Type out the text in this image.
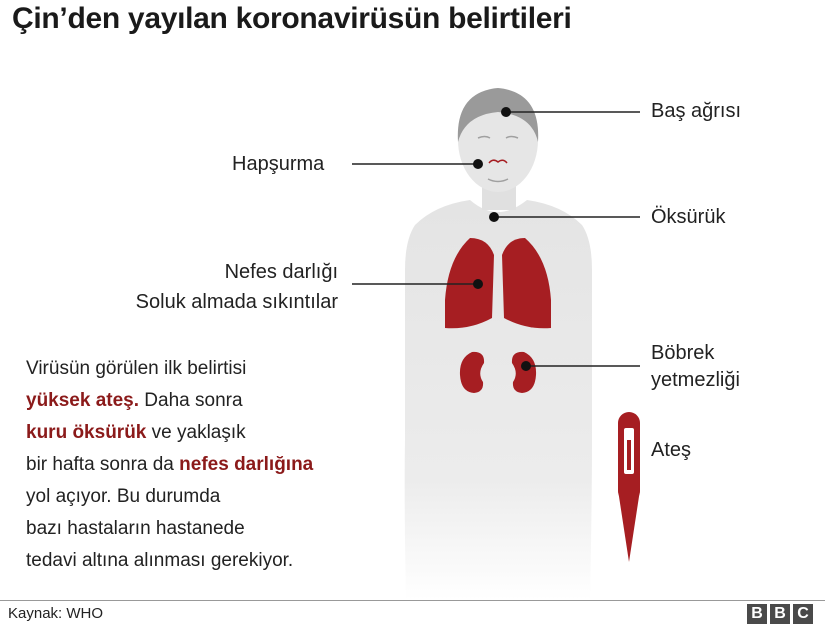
Çin’den yayılan koronavirüsün belirtileri
Baş ağrısı
Hapşurma
Öksürük
Nefes darlığı
Soluk almada sıkıntılar
Böbrek
yetmezliği
Ateş

Virüsün görülen ilk belirtisi

yüksek ateş. Daha sonra

kuru öksürük ve yaklaşık

bir hafta sonra da nefes darlığına

yol açıyor. Bu durumda

bazı hastaların hastanede

tedavi altına alınması gerekiyor.

Kaynak: WHO	B B C
